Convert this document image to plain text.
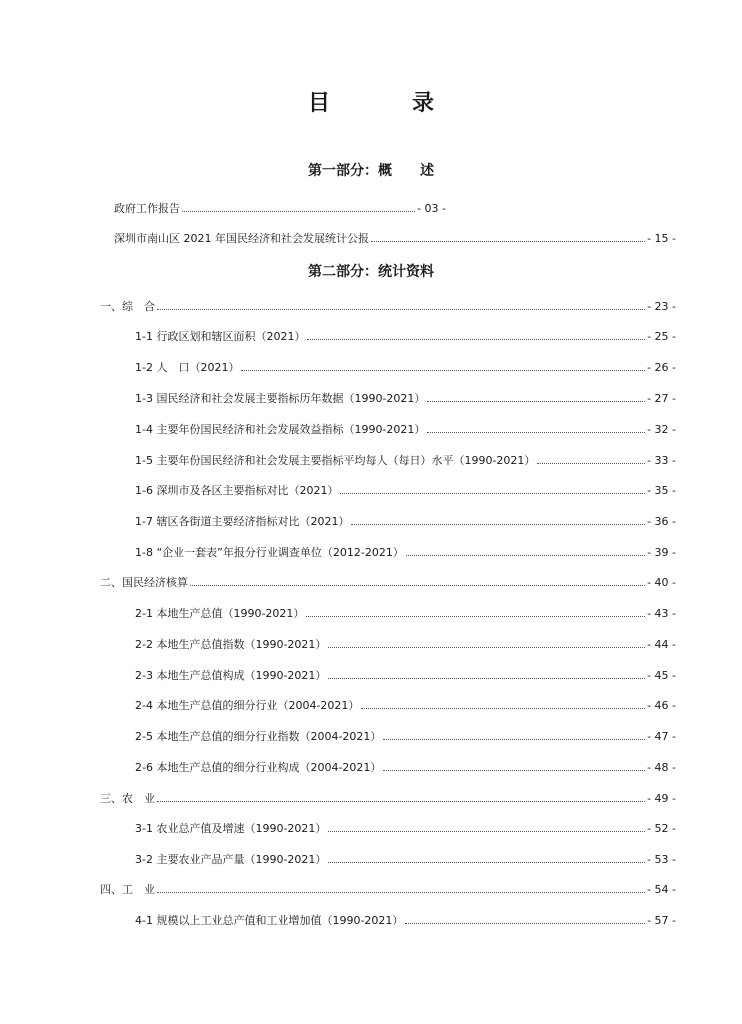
目　录
第一部分：概　　述
政府工作报告	- 03 -
深圳市南山区 2021 年国民经济和社会发展统计公报	- 15 -
第二部分：统计资料
一、综　合	- 23 -
1-1 行政区划和辖区面积（2021）	- 25 -
1-2 人　口（2021）	- 26 -
1-3 国民经济和社会发展主要指标历年数据（1990-2021）	- 27 -
1-4 主要年份国民经济和社会发展效益指标（1990-2021）	- 32 -
1-5 主要年份国民经济和社会发展主要指标平均每人（每日）水平（1990-2021）	- 33 -
1-6 深圳市及各区主要指标对比（2021）	- 35 -
1-7 辖区各街道主要经济指标对比（2021）	- 36 -
1-8 “企业一套表”年报分行业调查单位（2012-2021）	- 39 -
二、国民经济核算	- 40 -
2-1 本地生产总值（1990-2021）	- 43 -
2-2 本地生产总值指数（1990-2021）	- 44 -
2-3 本地生产总值构成（1990-2021）	- 45 -
2-4 本地生产总值的细分行业（2004-2021）	- 46 -
2-5 本地生产总值的细分行业指数（2004-2021）	- 47 -
2-6 本地生产总值的细分行业构成（2004-2021）	- 48 -
三、农　业	- 49 -
3-1 农业总产值及增速（1990-2021）	- 52 -
3-2 主要农业产品产量（1990-2021）	- 53 -
四、工　业	- 54 -
4-1 规模以上工业总产值和工业增加值（1990-2021）	- 57 -
